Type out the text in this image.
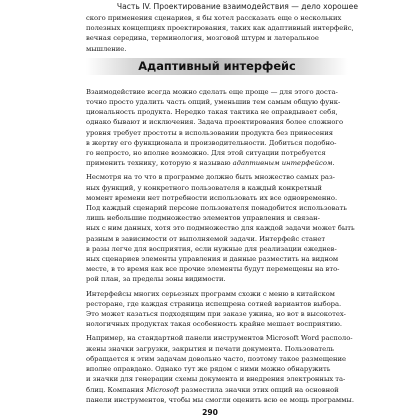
Часть IV. Проектирование взаимодействия — дело хорошее

ского применения сценариев, я бы хотел рассказать еще о нескольких
полезных концепциях проектирования, таких как адаптивный интерфейс,
вечная середина, терминология, мозговой штурм и латеральное
мышление.

Адаптивный интерфейс

Взаимодействие всегда можно сделать еще проще — для этого доста-
точно просто удалить часть опций, уменьшив тем самым общую функ-
циональность продукта. Нередко такая тактика не оправдывает себя,
однако бывают и исключения. Задача проектирования более сложного
уровня требует простоты в использовании продукта без принесения
в жертву его функционала и производительности. Добиться подобно-
го непросто, но вполне возможно. Для этой ситуации потребуется
применить технику, которую я называю адаптивным интерфейсом.

Несмотря на то что в программе должно быть множество самых раз-
ных функций, у конкретного пользователя в каждый конкретный
момент времени нет потребности использовать их все одновременно.
Под каждый сценарий персоне пользователя понадобится использовать
лишь небольшие подмножество элементов управления и связан-
ных с ним данных, хотя это подмножество для каждой задачи может быть
разным в зависимости от выполняемой задачи. Интерфейс станет
в разы легче для восприятия, если нужные для реализации ежеднев-
ных сценариев элементы управления и данные разместить на видном
месте, в то время как все прочие элементы будут перемещены на вто-
рой план, за пределы зоны видимости.

Интерфейсы многих серьезных программ схожи с меню в китайском
ресторане, где каждая страница испещрена сотней вариантов выбора.
Это может казаться подходящим при заказе ужина, но вот в высокотех-
нологичных продуктах такая особенность крайне мешает восприятию.

Например, на стандартной панели инструментов Microsoft Word располо-
жены значки загрузки, закрытия и печати документа. Пользователь
обращается к этим задачам довольно часто, поэтому такое размещение
вполне оправдано. Однако тут же рядом с ними можно обнаружить
и значки для генерации схемы документа и внедрения электронных та-
блиц. Компания Microsoft разместила значки этих опций на основной
панели инструментов, чтобы мы смогли оценить всю ее мощь программы.

290
